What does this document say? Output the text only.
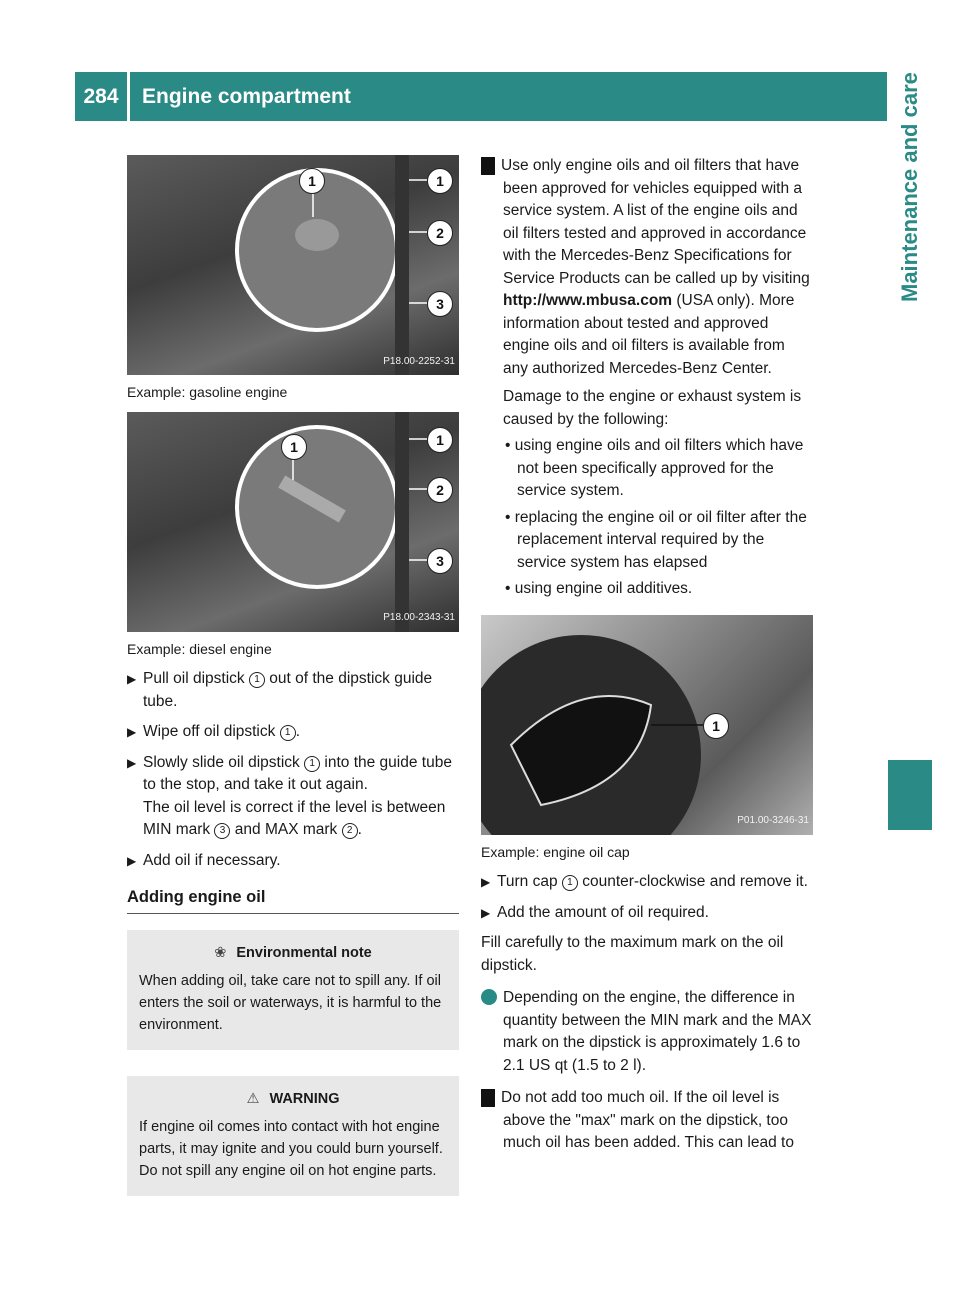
284	Engine compartment	Maintenance and care
1	1
2
3
P18.00-2252-31
Example: gasoline engine
1	1
2
3
P18.00-2343-31
Example: diesel engine
▶ Pull oil dipstick 1 out of the dipstick guide tube.
▶ Wipe off oil dipstick 1 .
▶ Slowly slide oil dipstick 1 into the guide tube to the stop, and take it out again.
The oil level is correct if the level is between MIN mark 3 and MAX mark 2 .
▶ Add oil if necessary.
Adding engine oil
❀ Environmental note

When adding oil, take care not to spill any. If oil enters the soil or waterways, it is harmful to the environment.

⚠ WARNING

If engine oil comes into contact with hot engine parts, it may ignite and you could burn yourself. Do not spill any engine oil on hot engine parts.

! Use only engine oils and oil filters that have been approved for vehicles equipped with a service system. A list of the engine oils and oil filters tested and approved in accordance with the Mercedes-Benz Specifications for Service Products can be called up by visiting http://www.mbusa.com (USA only). More information about tested and approved engine oils and oil filters is available from any authorized Mercedes-Benz Center.

Damage to the engine or exhaust system is caused by the following:

• using engine oils and oil filters which have not been specifically approved for the service system.

• replacing the engine oil or oil filter after the replacement interval required by the service system has elapsed

• using engine oil additives.

1
P01.00-3246-31
Example: engine oil cap
▶ Turn cap 1 counter-clockwise and remove it.
▶ Add the amount of oil required.

Fill carefully to the maximum mark on the oil dipstick.

i Depending on the engine, the difference in quantity between the MIN mark and the MAX mark on the dipstick is approximately 1.6 to 2.1 US qt (1.5 to 2 l).

! Do not add too much oil. If the oil level is above the "max" mark on the dipstick, too much oil has been added. This can lead to
